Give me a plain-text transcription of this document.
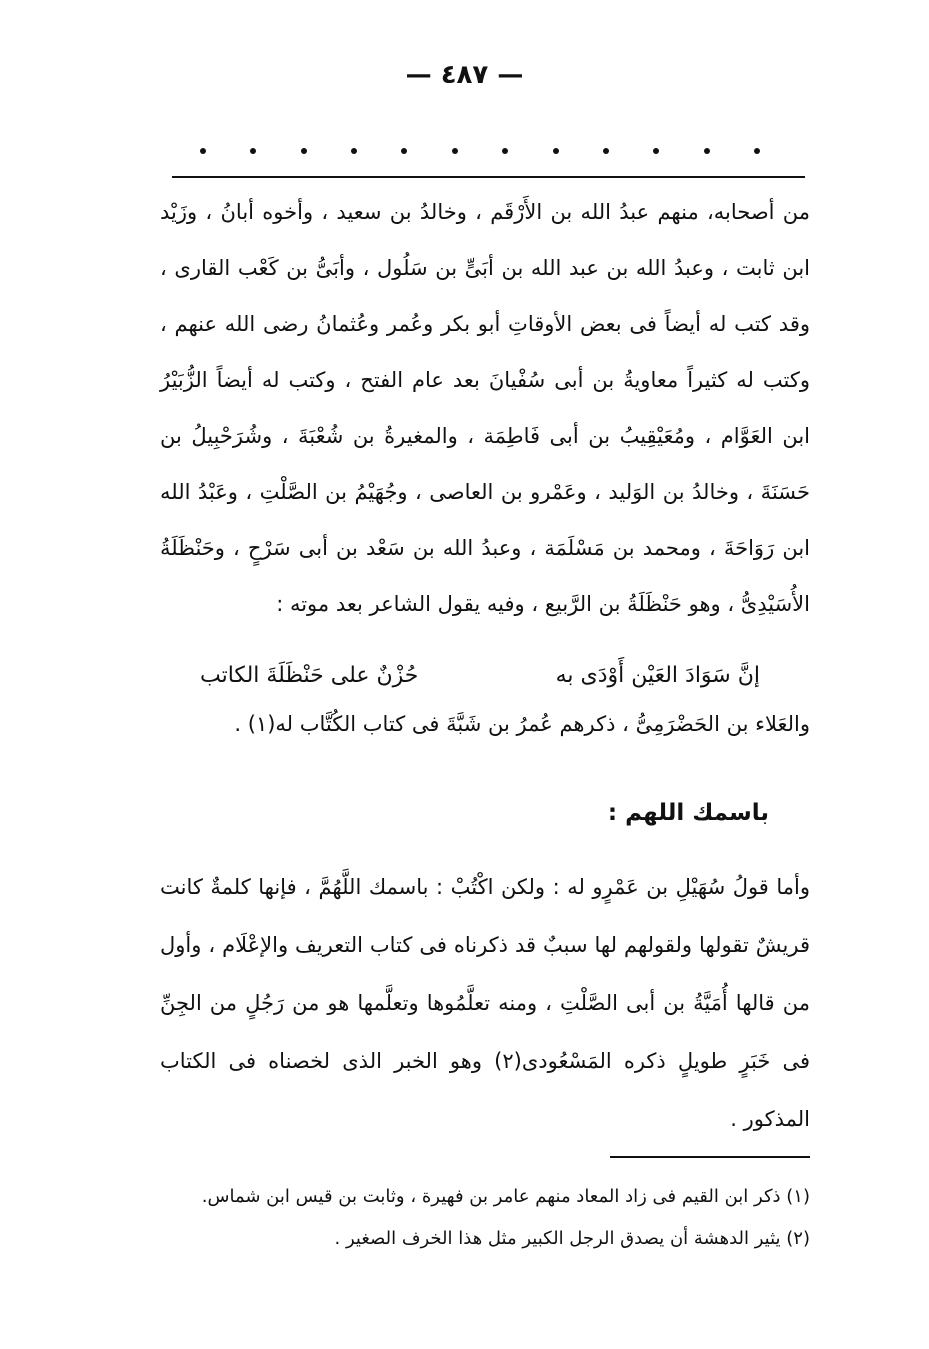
— ٤٨٧ —

من أصحابه، منهم عبدُ الله بن الأَرْقَم ، وخالدُ بن سعيد ، وأخوه أبانُ ، وزَيْد ابن ثابت ، وعبدُ الله بن عبد الله بن أبَىٍّ بن سَلُول ، وأبَىُّ بن كَعْب القارى ، وقد كتب له أيضاً فى بعض الأوقاتِ أبو بكر وعُمر وعُثمانُ رضى الله عنهم ، وكتب له كثيراً معاويةُ بن أبى سُفْيانَ بعد عام الفتح ، وكتب له أيضاً الزُّبَيْرُ ابن العَوَّام ، ومُعَيْقِيبُ بن أبى فَاطِمَة ، والمغيرةُ بن شُعْبَةَ ، وشُرَحْبِيلُ بن حَسَنَةَ ، وخالدُ بن الوَليد ، وعَمْرو بن العاصى ، وجُهَيْمُ بن الصَّلْتِ ، وعَبْدُ الله ابن رَوَاحَةَ ، ومحمد بن مَسْلَمَة ، وعبدُ الله بن سَعْد بن أبى سَرْحٍ ، وحَنْظَلَةُ الأُسَيْدِىُّ ، وهو حَنْظَلَةُ بن الرَّبيع ، وفيه يقول الشاعر بعد موته :

إنَّ سَوَادَ العَيْن أَوْدَى به
حُزْنٌ على حَنْظَلَةَ الكاتب
والعَلاء بن الحَضْرَمِىُّ ، ذكرهم عُمرُ بن شَبَّةَ فى كتاب الكُتَّاب له(١) .
باسمك اللهم :
وأما قولُ سُهَيْلِ بن عَمْرٍو له : ولكن اكْتُبْ : باسمك اللَّهُمَّ ، فإنها كلمةٌ كانت قريشٌ تقولها ولقولهم لها سببٌ قد ذكرناه فى كتاب التعريف والإعْلَام ، وأول من قالها أُمَيَّةُ بن أبى الصَّلْتِ ، ومنه تعلَّمُوها وتعلَّمها هو من رَجُلٍ من الجِنِّ فى خَبَرٍ طويلٍ ذكره المَسْعُودى(٢) وهو الخبر الذى لخصناه فى الكتاب المذكور .

(١) ذكر ابن القيم فى زاد المعاد منهم عامر بن فهيرة ، وثابت بن قيس ابن شماس.

(٢) يثير الدهشة أن يصدق الرجل الكبير مثل هذا الخرف الصغير .
